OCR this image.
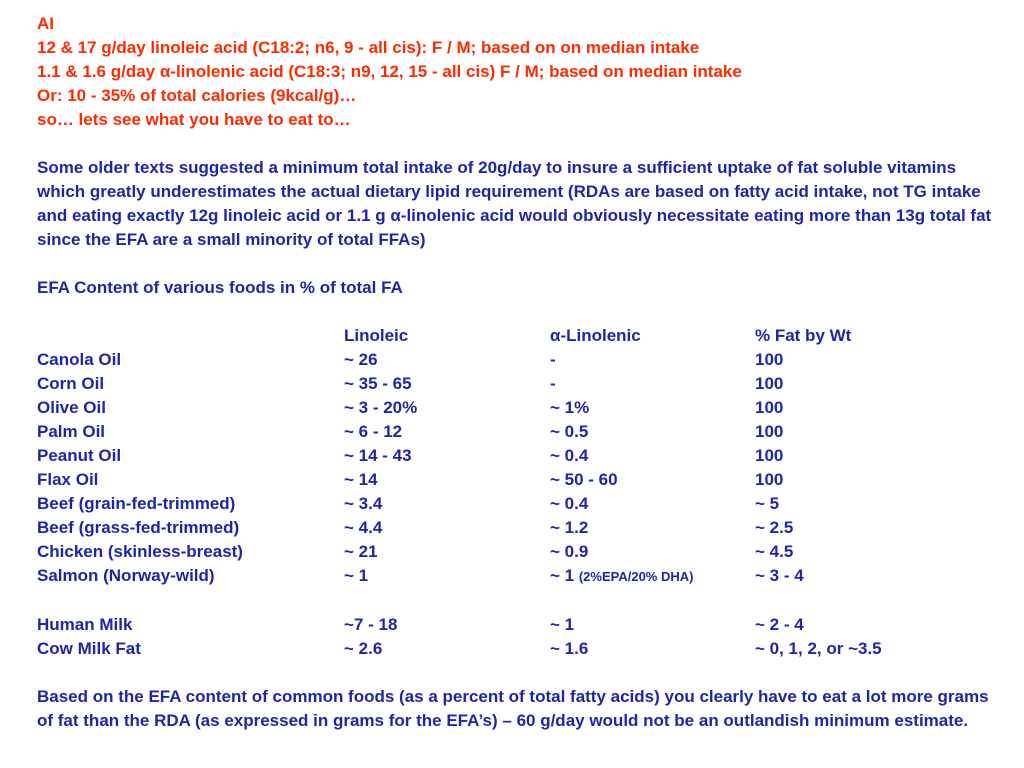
AI
12 & 17 g/day linoleic acid (C18:2; n6, 9 - all cis): F / M; based on on median intake
1.1 & 1.6 g/day α-linolenic acid (C18:3; n9, 12, 15 - all cis) F / M; based on median intake
Or: 10 - 35% of total calories (9kcal/g)…
so… lets see what you have to eat to…
Some older texts suggested a minimum total intake of 20g/day to insure a sufficient uptake of fat soluble vitamins which greatly underestimates the actual dietary lipid requirement (RDAs are based on fatty acid intake, not TG intake and eating exactly 12g linoleic acid or 1.1 g α-linolenic acid would obviously necessitate eating more than 13g total fat since the EFA are a small minority of total FFAs)
EFA Content of various foods in % of total FA
	Linoleic	α-Linolenic	% Fat by Wt
Canola Oil	~ 26	-	100
Corn Oil	~ 35 - 65	-	100
Olive Oil	~ 3 - 20%	~ 1%	100
Palm Oil	~ 6 - 12	~ 0.5	100
Peanut Oil	~ 14 - 43	~ 0.4	100
Flax Oil	~ 14	~ 50 - 60	100
Beef (grain-fed-trimmed)	~ 3.4	~ 0.4	~ 5
Beef (grass-fed-trimmed)	~ 4.4	~ 1.2	~ 2.5
Chicken (skinless-breast)	~ 21	~ 0.9	~ 4.5
Salmon (Norway-wild)	~ 1	~ 1 (2%EPA/20% DHA)	~ 3 - 4

Human Milk	~7 - 18	~ 1	~ 2 - 4
Cow Milk Fat	~ 2.6	~ 1.6	~ 0, 1, 2, or ~3.5
Based on the EFA content of common foods (as a percent of total fatty acids) you clearly have to eat a lot more grams of fat than the RDA (as expressed in grams for the EFA’s) – 60 g/day would not be an outlandish minimum estimate.
